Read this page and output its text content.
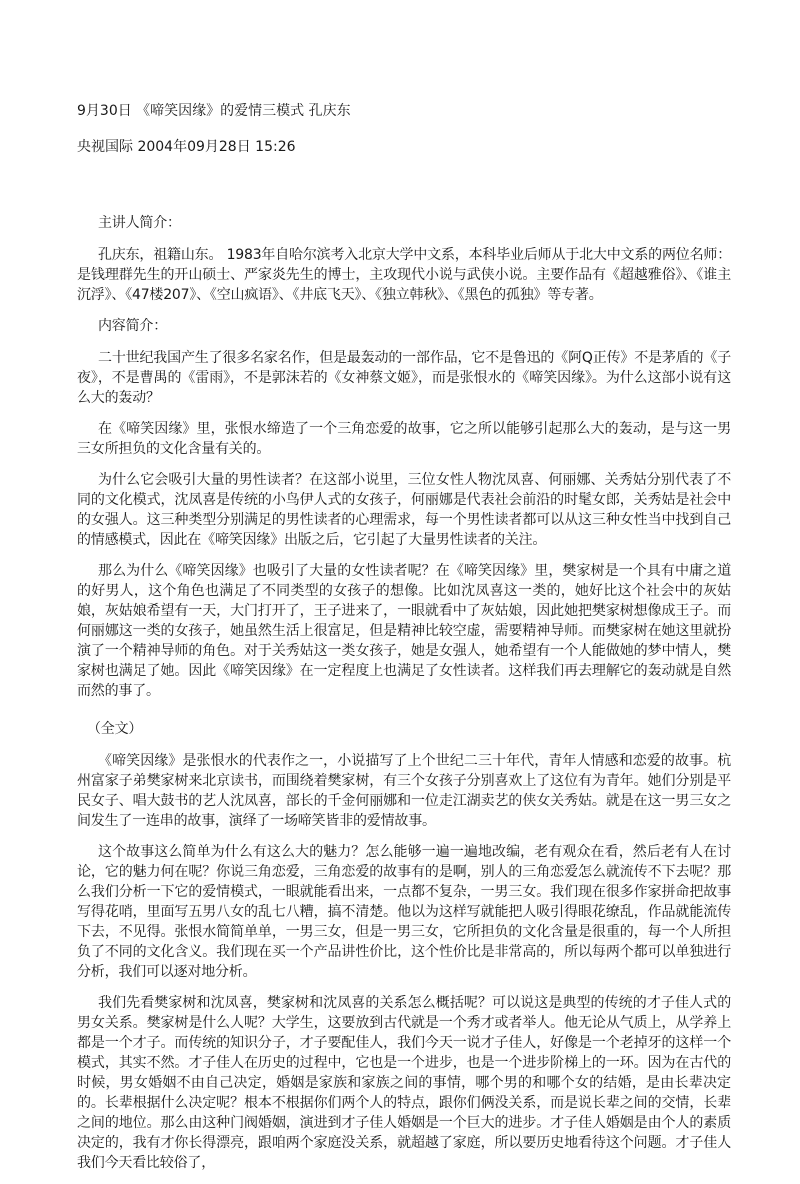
9月30日 《啼笑因缘》的爱情三模式 孔庆东
央视国际 2004年09月28日 15:26

主讲人简介：

孔庆东，祖籍山东。 1983年自哈尔滨考入北京大学中文系，本科毕业后师从于北大中文系的两位名师：是钱理群先生的开山硕士、严家炎先生的博士，主攻现代小说与武侠小说。主要作品有《超越雅俗》、《谁主沉浮》、《47楼207》、《空山疯语》、《井底飞天》、《独立韩秋》、《黑色的孤独》等专著。

内容简介：

二十世纪我国产生了很多名家名作，但是最轰动的一部作品，它不是鲁迅的《阿Q正传》不是茅盾的《子夜》，不是曹禺的《雷雨》，不是郭沫若的《女神蔡文姬》，而是张恨水的《啼笑因缘》。为什么这部小说有这么大的轰动？

在《啼笑因缘》里，张恨水缔造了一个三角恋爱的故事，它之所以能够引起那么大的轰动，是与这一男三女所担负的文化含量有关的。

为什么它会吸引大量的男性读者？在这部小说里，三位女性人物沈凤喜、何丽娜、关秀姑分别代表了不同的文化模式，沈凤喜是传统的小鸟伊人式的女孩子，何丽娜是代表社会前沿的时髦女郎，关秀姑是社会中的女强人。这三种类型分别满足的男性读者的心理需求，每一个男性读者都可以从这三种女性当中找到自己的情感模式，因此在《啼笑因缘》出版之后，它引起了大量男性读者的关注。

那么为什么《啼笑因缘》也吸引了大量的女性读者呢？在《啼笑因缘》里，樊家树是一个具有中庸之道的好男人，这个角色也满足了不同类型的女孩子的想像。比如沈凤喜这一类的，她好比这个社会中的灰姑娘，灰姑娘希望有一天，大门打开了，王子进来了，一眼就看中了灰姑娘，因此她把樊家树想像成王子。而何丽娜这一类的女孩子，她虽然生活上很富足，但是精神比较空虚，需要精神导师。而樊家树在她这里就扮演了一个精神导师的角色。对于关秀姑这一类女孩子，她是女强人，她希望有一个人能做她的梦中情人，樊家树也满足了她。因此《啼笑因缘》在一定程度上也满足了女性读者。这样我们再去理解它的轰动就是自然而然的事了。

（全文）

《啼笑因缘》是张恨水的代表作之一，小说描写了上个世纪二三十年代，青年人情感和恋爱的故事。杭州富家子弟樊家树来北京读书，而围绕着樊家树，有三个女孩子分别喜欢上了这位有为青年。她们分别是平民女子、唱大鼓书的艺人沈凤喜，部长的千金何丽娜和一位走江湖卖艺的侠女关秀姑。就是在这一男三女之间发生了一连串的故事，演绎了一场啼笑皆非的爱情故事。

这个故事这么简单为什么有这么大的魅力？怎么能够一遍一遍地改编，老有观众在看，然后老有人在讨论，它的魅力何在呢？你说三角恋爱，三角恋爱的故事有的是啊，别人的三角恋爱怎么就流传不下去呢？那么我们分析一下它的爱情模式，一眼就能看出来，一点都不复杂，一男三女。我们现在很多作家拼命把故事写得花哨，里面写五男八女的乱七八糟，搞不清楚。他以为这样写就能把人吸引得眼花缭乱，作品就能流传下去，不见得。张恨水简简单单，一男三女，但是一男三女，它所担负的文化含量是很重的，每一个人所担负了不同的文化含义。我们现在买一个产品讲性价比，这个性价比是非常高的，所以每两个都可以单独进行分析，我们可以逐对地分析。

我们先看樊家树和沈凤喜，樊家树和沈凤喜的关系怎么概括呢？可以说这是典型的传统的才子佳人式的男女关系。樊家树是什么人呢？大学生，这要放到古代就是一个秀才或者举人。他无论从气质上，从学养上都是一个才子。而传统的知识分子，才子要配佳人，我们今天一说才子佳人，好像是一个老掉牙的这样一个模式，其实不然。才子佳人在历史的过程中，它也是一个进步，也是一个进步阶梯上的一环。因为在古代的时候，男女婚姻不由自己决定，婚姻是家族和家族之间的事情，哪个男的和哪个女的结婚，是由长辈决定的。长辈根据什么决定呢？根本不根据你们两个人的特点，跟你们俩没关系，而是说长辈之间的交情，长辈之间的地位。那么由这种门阀婚姻，演进到才子佳人婚姻是一个巨大的进步。才子佳人婚姻是由个人的素质决定的，我有才你长得漂亮，跟咱两个家庭没关系，就超越了家庭，所以要历史地看待这个问题。才子佳人我们今天看比较俗了，
